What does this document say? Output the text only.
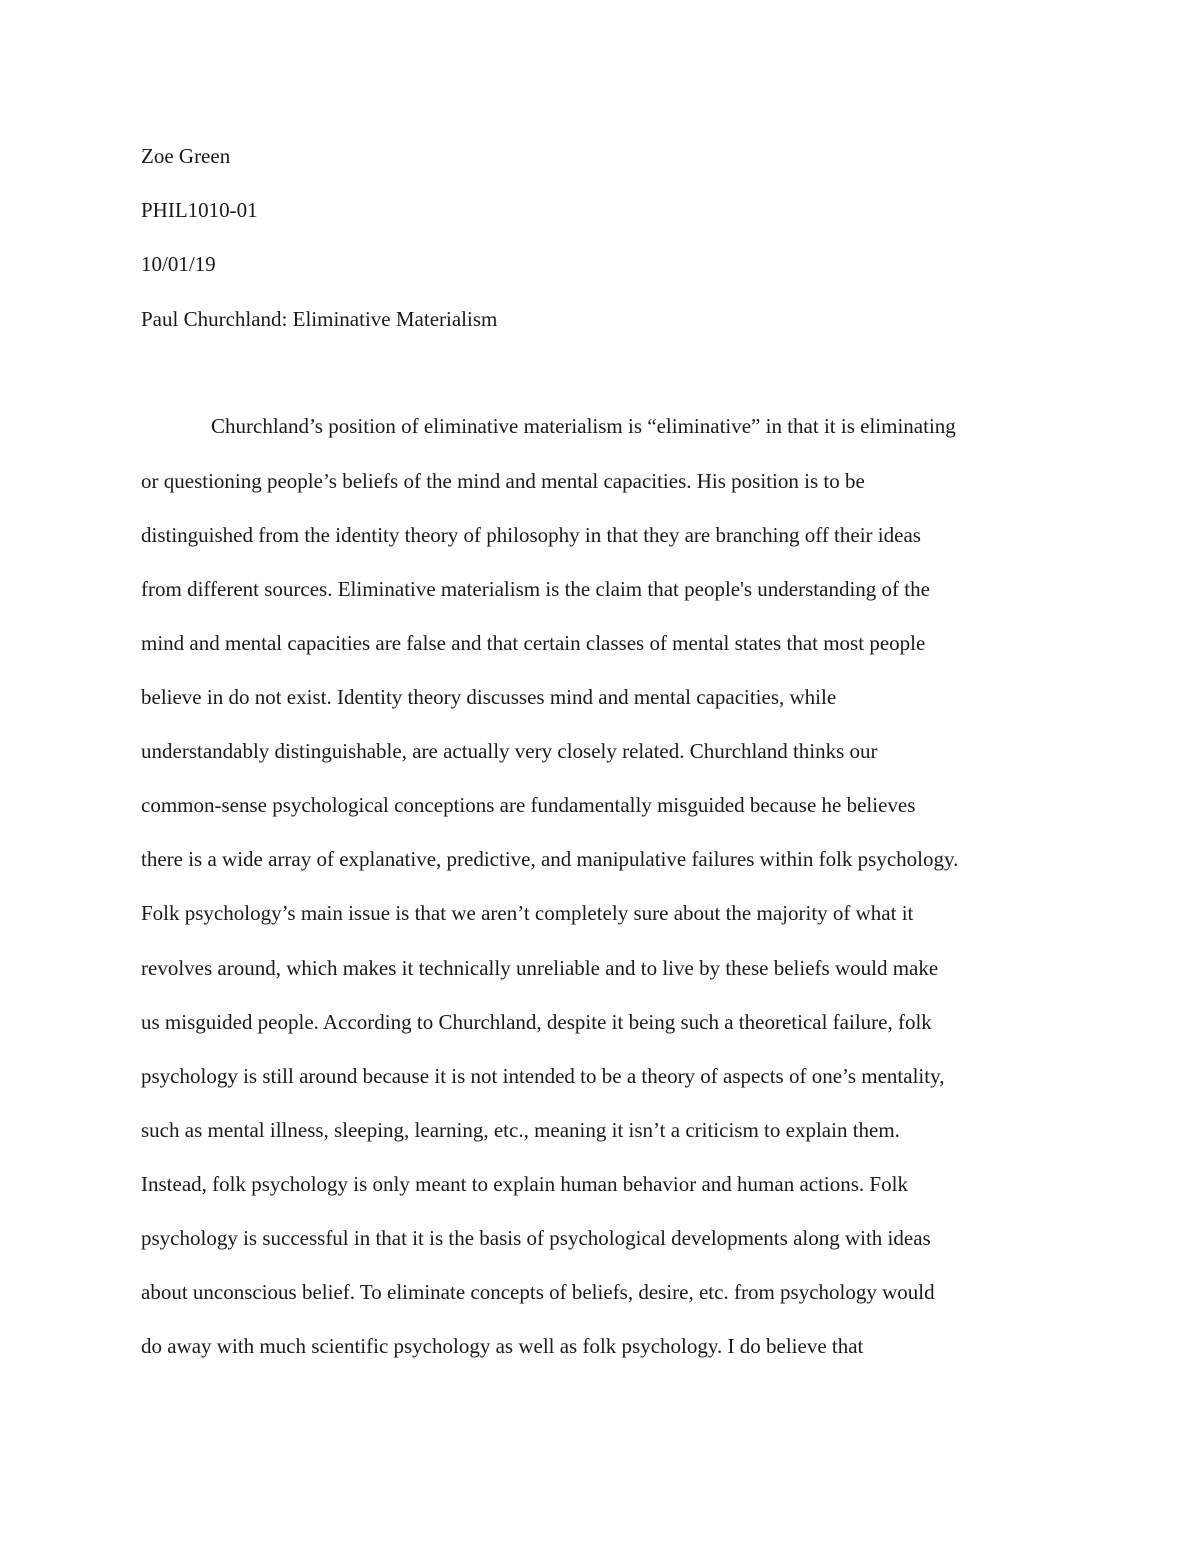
Zoe Green
PHIL1010-01
10/01/19
Paul Churchland: Eliminative Materialism
Churchland’s position of eliminative materialism is “eliminative” in that it is eliminating
or questioning people’s beliefs of the mind and mental capacities. His position is to be
distinguished from the identity theory of philosophy in that they are branching off their ideas
from different sources. Eliminative materialism is the claim that people's understanding of the
mind and mental capacities are false and that certain classes of mental states that most people
believe in do not exist. Identity theory discusses mind and mental capacities, while
understandably distinguishable, are actually very closely related. Churchland thinks our
common-sense psychological conceptions are fundamentally misguided because he believes
there is a wide array of explanative, predictive, and manipulative failures within folk psychology.
Folk psychology’s main issue is that we aren’t completely sure about the majority of what it
revolves around, which makes it technically unreliable and to live by these beliefs would make
us misguided people. According to Churchland, despite it being such a theoretical failure, folk
psychology is still around because it is not intended to be a theory of aspects of one’s mentality,
such as mental illness, sleeping, learning, etc., meaning it isn’t a criticism to explain them.
Instead, folk psychology is only meant to explain human behavior and human actions. Folk
psychology is successful in that it is the basis of psychological developments along with ideas
about unconscious belief. To eliminate concepts of beliefs, desire, etc. from psychology would
do away with much scientific psychology as well as folk psychology. I do believe that
